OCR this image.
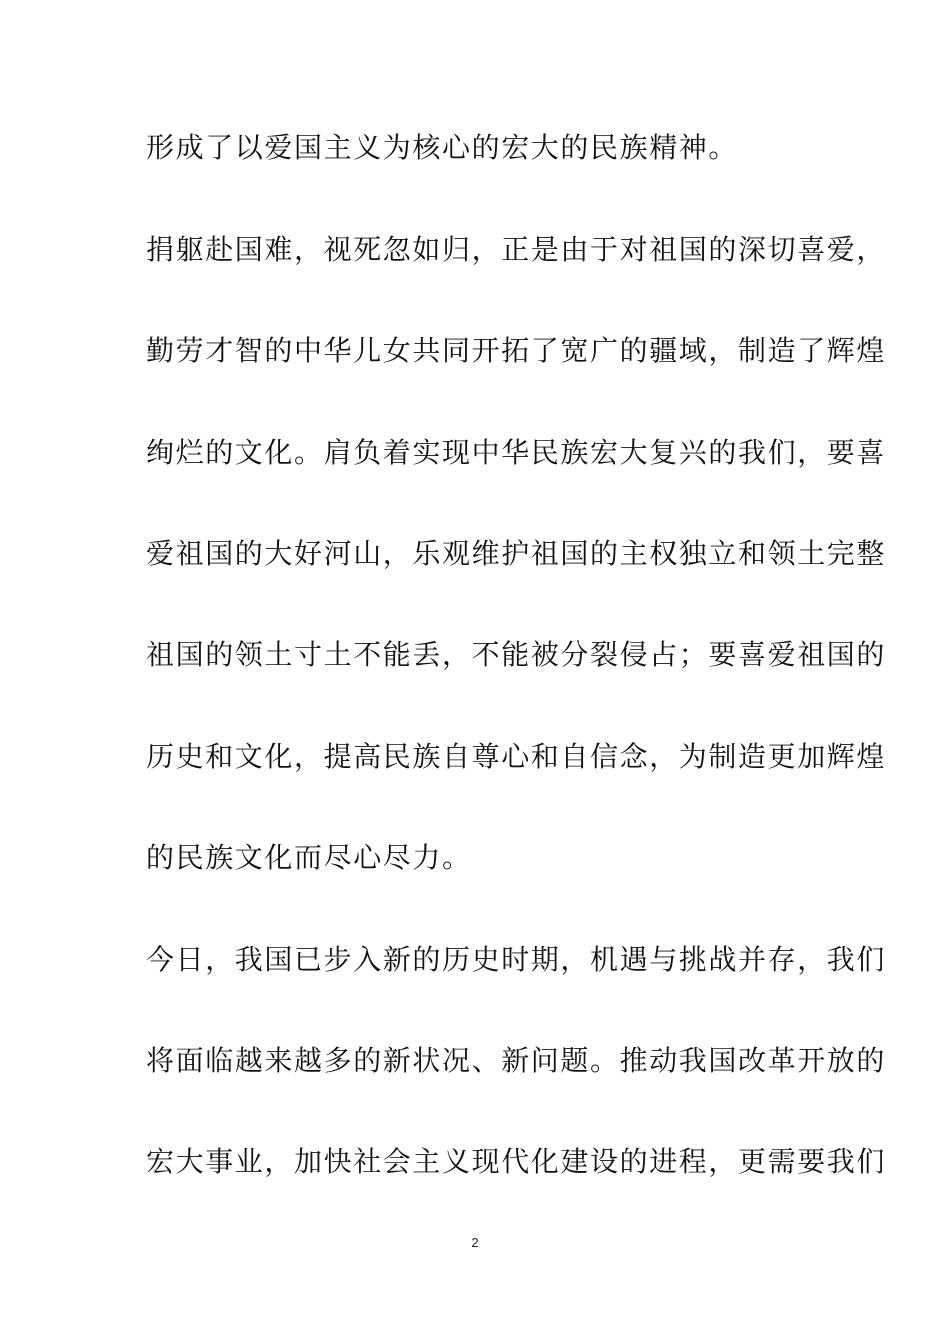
形成了以爱国主义为核心的宏大的民族精神。
捐躯赴国难，视死忽如归，正是由于对祖国的深切喜爱，
勤劳才智的中华儿女共同开拓了宽广的疆域，制造了辉煌
绚烂的文化。肩负着实现中华民族宏大复兴的我们，要喜
爱祖国的大好河山，乐观维护祖国的主权独立和领土完整
祖国的领土寸土不能丢，不能被分裂侵占；要喜爱祖国的
历史和文化，提高民族自尊心和自信念，为制造更加辉煌
的民族文化而尽心尽力。
今日，我国已步入新的历史时期，机遇与挑战并存，我们
将面临越来越多的新状况、新问题。推动我国改革开放的
宏大事业，加快社会主义现代化建设的进程，更需要我们
2
